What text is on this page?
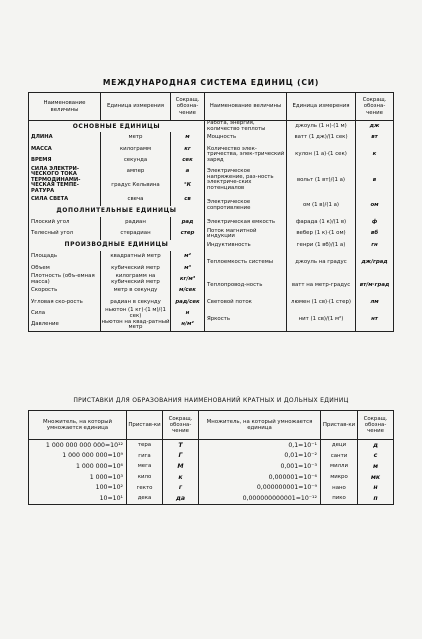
МЕЖДУНАРОДНАЯ СИСТЕМА ЕДИНИЦ (СИ)
Наименование величины	Единица измерения	Сокращ. обозна-чение	Наименование величины	Единица измерения	Сокращ. обозна-чение
ОСНОВНЫЕ ЕДИНИЦЫ			Работа, энергия, количество теплоты	джоуль (1 н)·(1 м)	дж
ДЛИНА	метр	м	Мощность	ватт (1 дж)/(1 сек)	вт
МАССА	килограмм	кг	Количество элек-тричества, элек-трический заряд	кулон (1 а)·(1 сек)	к
ВРЕМЯ	секунда	сек			
СИЛА ЭЛЕКТРИ-ЧЕСКОГО ТОКА	ампер	а	Электрическое напряжение, раз-ность электриче-ских потенциалов	вольт (1 вт)/(1 а)	в
ТЕРМОДИНАМИ-ЧЕСКАЯ ТЕМПЕ-РАТУРА	градус Кельвина	°К			
СИЛА СВЕТА	свеча	св	Электрическое сопротивление	ом (1 в)/(1 а)	ом
ДОПОЛНИТЕЛЬНЫЕ ЕДИНИЦЫ					
Плоский угол	радиан	рад	Электрическая емкость	фарада (1 к)/(1 в)	ф
Телесный угол	стерадиан	стер	Поток магнитной индукции	вебер (1 к)·(1 ом)	вб
ПРОИЗВОДНЫЕ ЕДИНИЦЫ			Индуктивность	генри (1 вб)/(1 а)	гн
Площадь	квадратный метр	м²	Теплоемкость системы	джоуль на градус	дж/град
Объем	кубический метр	м³			
Плотность (объ-емная масса)	килограмм на кубический метр	кг/м³	Теплопровод-ность	ватт на метр-градус	вт/м·град
Скорость	метр в секунду	м/сек			
Угловая ско-рость	радиан в секунду	рад/сек	Световой поток	люмен (1 св)·(1 стер)	лм
Сила	ньютон (1 кг)·(1 м)/(1 сек)	н	Яркость	нит (1 св)/(1 м²)	нт
Давление	ньютон на квад-ратный метр	н/м²			
ПРИСТАВКИ ДЛЯ ОБРАЗОВАНИЯ НАИМЕНОВАНИЙ КРАТНЫХ И ДОЛЬНЫХ ЕДИНИЦ
Множитель, на который умножается единица	Пристав-ки	Сокращ. обозна-чение	Множитель, на который умножается единица	Пристав-ки	Сокращ. обозна-чение
1 000 000 000 000=10¹²	тера	Т	0,1=10⁻¹	деци	д
1 000 000 000=10⁹	гига	Г	0,01=10⁻²	санти	с
1 000 000=10⁶	мега	М	0,001=10⁻³	милли	м
1 000=10³	кило	к	0,000001=10⁻⁶	микро	мк
100=10²	гекто	г	0,000000001=10⁻⁹	нано	н
10=10¹	дека	да	0,000000000001=10⁻¹²	пико	п
